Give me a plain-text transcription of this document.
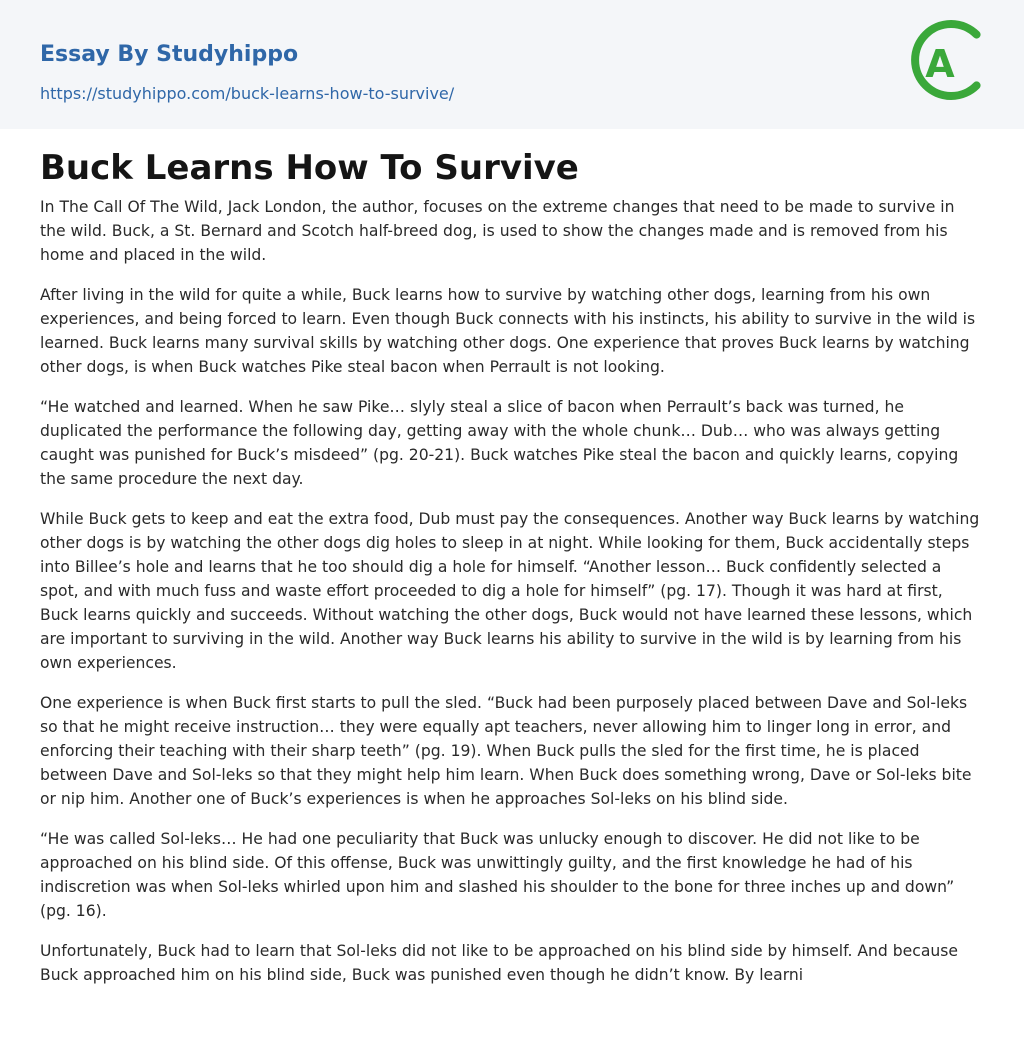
Essay By Studyhippo
https://studyhippo.com/buck-learns-how-to-survive/
A
Buck Learns How To Survive

In The Call Of The Wild, Jack London, the author, focuses on the extreme changes that need to be made to survive in the wild. Buck, a St. Bernard and Scotch half-breed dog, is used to show the changes made and is removed from his home and placed in the wild.

After living in the wild for quite a while, Buck learns how to survive by watching other dogs, learning from his own experiences, and being forced to learn. Even though Buck connects with his instincts, his ability to survive in the wild is learned. Buck learns many survival skills by watching other dogs. One experience that proves Buck learns by watching other dogs, is when Buck watches Pike steal bacon when Perrault is not looking.

“He watched and learned. When he saw Pike… slyly steal a slice of bacon when Perrault’s back was turned, he duplicated the performance the following day, getting away with the whole chunk… Dub… who was always getting caught was punished for Buck’s misdeed” (pg. 20-21). Buck watches Pike steal the bacon and quickly learns, copying the same procedure the next day.

While Buck gets to keep and eat the extra food, Dub must pay the consequences. Another way Buck learns by watching other dogs is by watching the other dogs dig holes to sleep in at night. While looking for them, Buck accidentally steps into Billee’s hole and learns that he too should dig a hole for himself. “Another lesson… Buck confidently selected a spot, and with much fuss and waste effort proceeded to dig a hole for himself” (pg. 17). Though it was hard at first, Buck learns quickly and succeeds. Without watching the other dogs, Buck would not have learned these lessons, which are important to surviving in the wild. Another way Buck learns his ability to survive in the wild is by learning from his own experiences.

One experience is when Buck first starts to pull the sled. “Buck had been purposely placed between Dave and Sol-leks so that he might receive instruction… they were equally apt teachers, never allowing him to linger long in error, and enforcing their teaching with their sharp teeth” (pg. 19). When Buck pulls the sled for the first time, he is placed between Dave and Sol-leks so that they might help him learn. When Buck does something wrong, Dave or Sol-leks bite or nip him. Another one of Buck’s experiences is when he approaches Sol-leks on his blind side.

“He was called Sol-leks… He had one peculiarity that Buck was unlucky enough to discover. He did not like to be approached on his blind side. Of this offense, Buck was unwittingly guilty, and the first knowledge he had of his indiscretion was when Sol-leks whirled upon him and slashed his shoulder to the bone for three inches up and down” (pg. 16).

Unfortunately, Buck had to learn that Sol-leks did not like to be approached on his blind side by himself. And because Buck approached him on his blind side, Buck was punished even though he didn’t know. By learni
